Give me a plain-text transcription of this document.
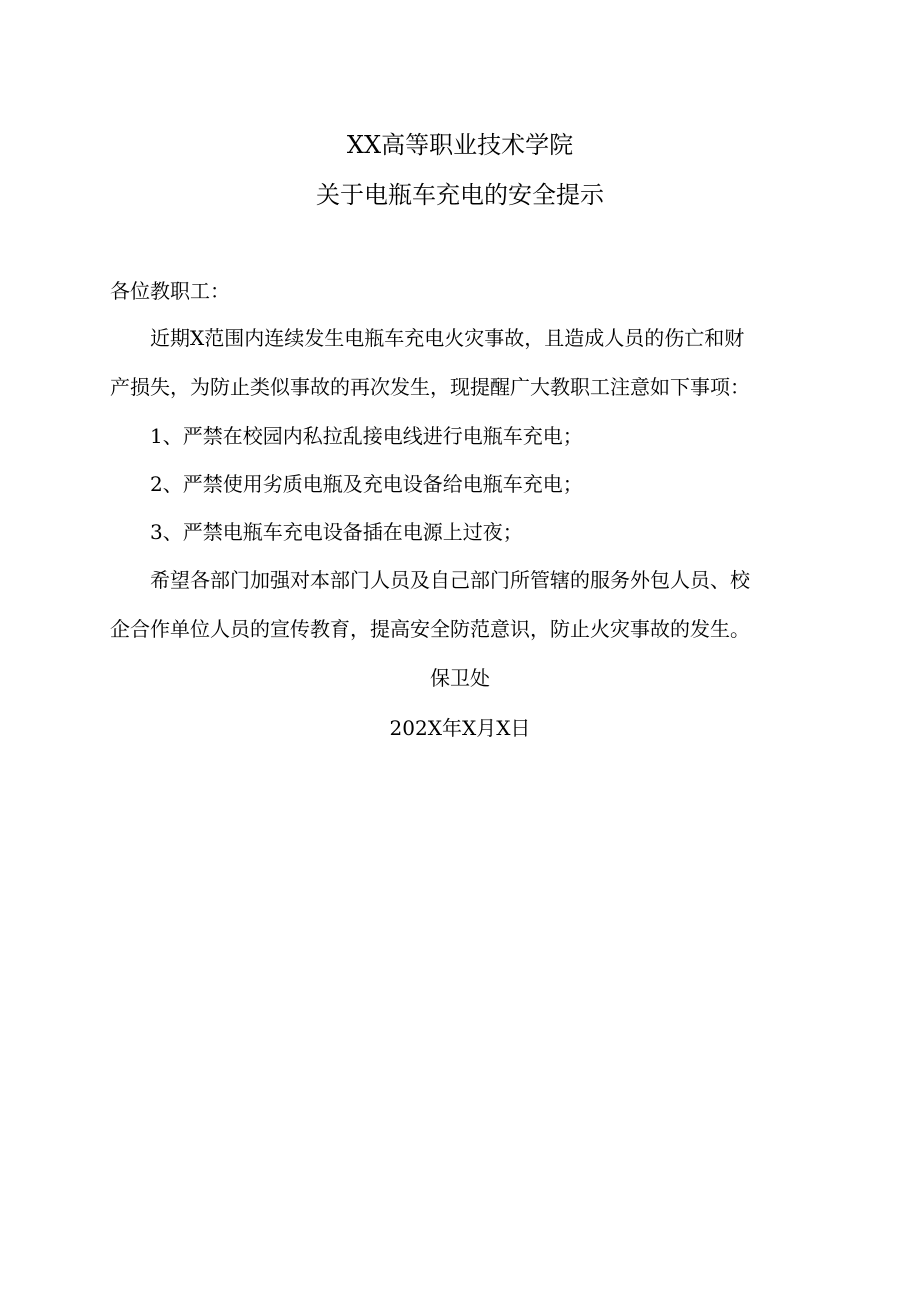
XX高等职业技术学院
关于电瓶车充电的安全提示
各位教职工：
近期X范围内连续发生电瓶车充电火灾事故，且造成人员的伤亡和财
产损失，为防止类似事故的再次发生，现提醒广大教职工注意如下事项：
1、严禁在校园内私拉乱接电线进行电瓶车充电；
2、严禁使用劣质电瓶及充电设备给电瓶车充电；
3、严禁电瓶车充电设备插在电源上过夜；
希望各部门加强对本部门人员及自己部门所管辖的服务外包人员、校
企合作单位人员的宣传教育，提高安全防范意识，防止火灾事故的发生。
保卫处
202X年X月X日
